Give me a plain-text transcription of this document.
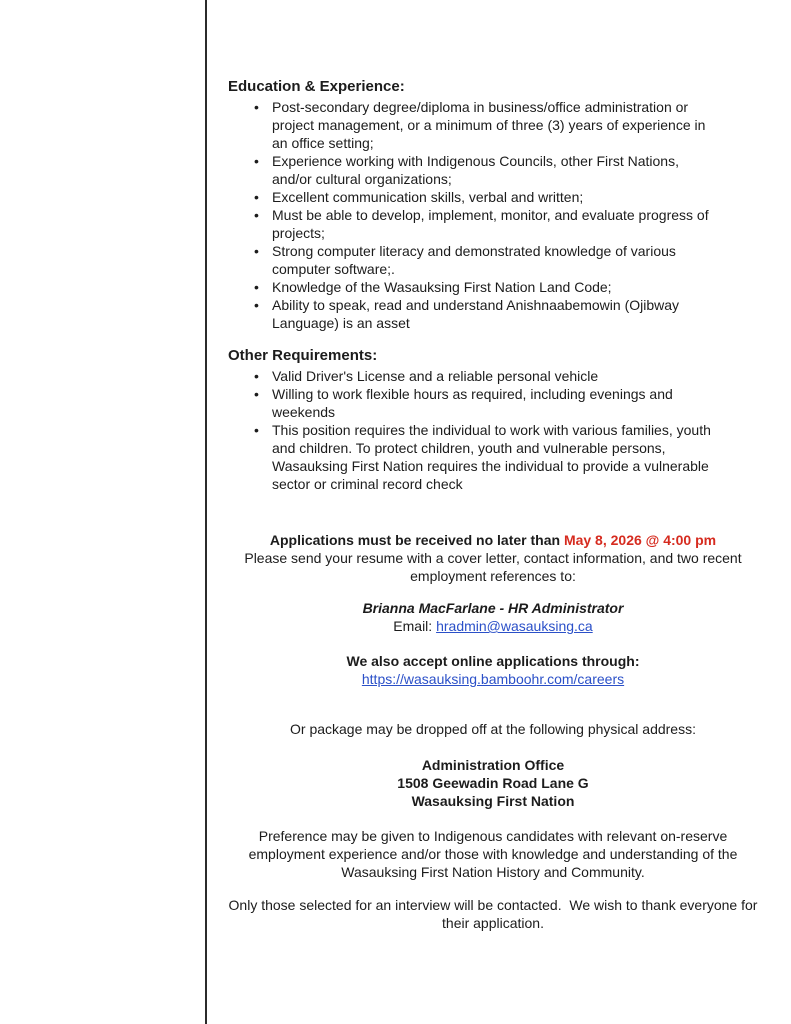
Education & Experience:
• Post-secondary degree/diploma in business/office administration or project management, or a minimum of three (3) years of experience in an office setting;
• Experience working with Indigenous Councils, other First Nations, and/or cultural organizations;
• Excellent communication skills, verbal and written;
• Must be able to develop, implement, monitor, and evaluate progress of projects;
• Strong computer literacy and demonstrated knowledge of various computer software;.
• Knowledge of the Wasauksing First Nation Land Code;
• Ability to speak, read and understand Anishnaabemowin (Ojibway Language) is an asset
Other Requirements:
• Valid Driver's License and a reliable personal vehicle
• Willing to work flexible hours as required, including evenings and weekends
• This position requires the individual to work with various families, youth and children. To protect children, youth and vulnerable persons, Wasauksing First Nation requires the individual to provide a vulnerable sector or criminal record check

Applications must be received no later than May 8, 2026 @ 4:00 pm

Please send your resume with a cover letter, contact information, and two recent employment references to:

Brianna MacFarlane - HR Administrator

Email: hradmin@wasauksing.ca

We also accept online applications through:

https://wasauksing.bamboohr.com/careers

Or package may be dropped off at the following physical address:

Administration Office

1508 Geewadin Road Lane G

Wasauksing First Nation

Preference may be given to Indigenous candidates with relevant on-reserve employment experience and/or those with knowledge and understanding of the Wasauksing First Nation History and Community.

Only those selected for an interview will be contacted.  We wish to thank everyone for their application.
